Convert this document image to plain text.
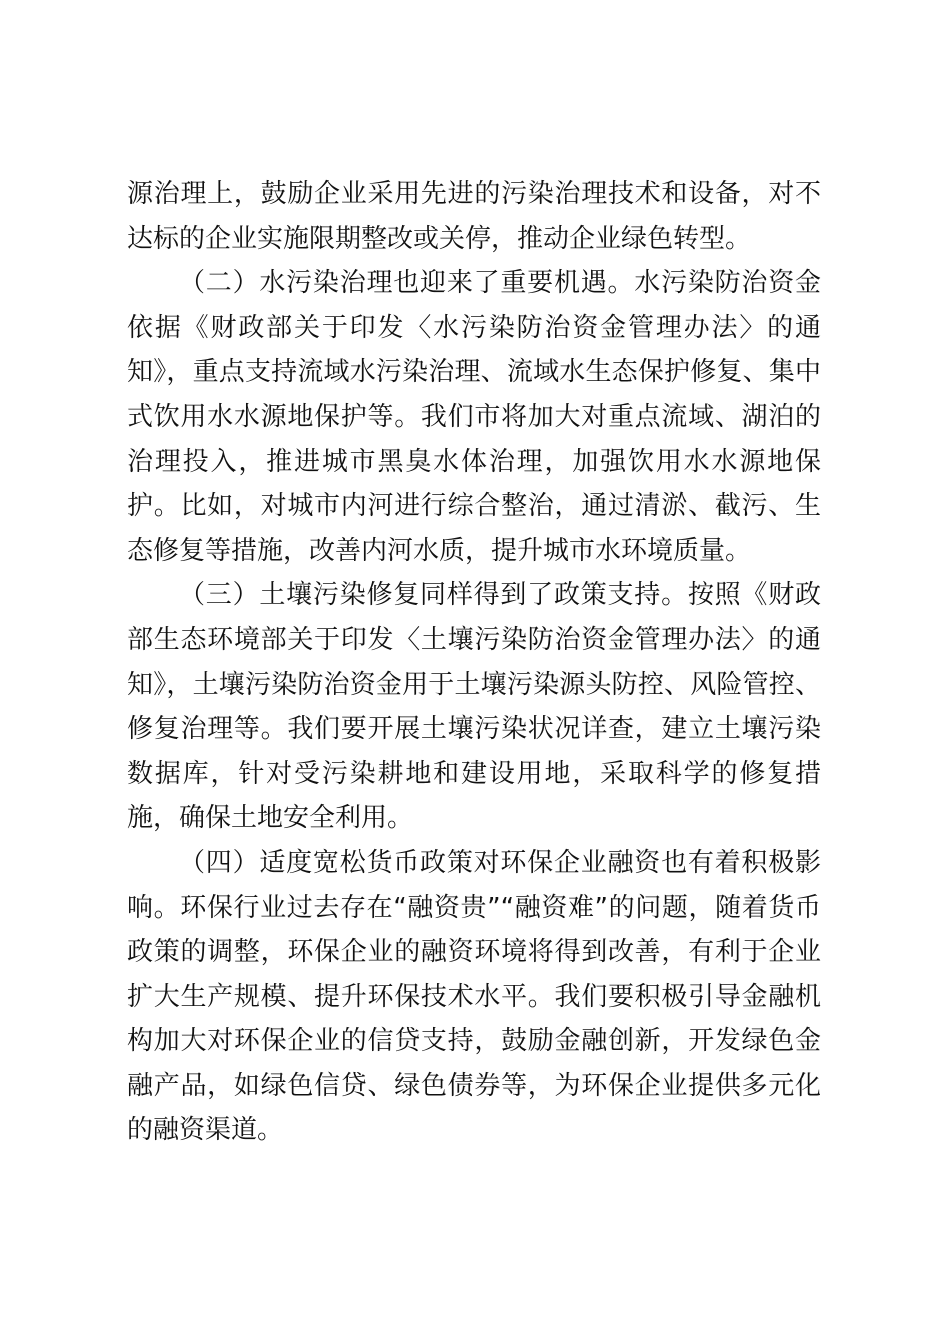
源治理上，鼓励企业采用先进的污染治理技术和设备，对不达标的企业实施限期整改或关停，推动企业绿色转型。

（二）水污染治理也迎来了重要机遇。水污染防治资金依据《财政部关于印发〈水污染防治资金管理办法〉的通知》，重点支持流域水污染治理、流域水生态保护修复、集中式饮用水水源地保护等。我们市将加大对重点流域、湖泊的治理投入，推进城市黑臭水体治理，加强饮用水水源地保护。比如，对城市内河进行综合整治，通过清淤、截污、生态修复等措施，改善内河水质，提升城市水环境质量。

（三）土壤污染修复同样得到了政策支持。按照《财政部生态环境部关于印发〈土壤污染防治资金管理办法〉的通知》，土壤污染防治资金用于土壤污染源头防控、风险管控、修复治理等。我们要开展土壤污染状况详查，建立土壤污染数据库，针对受污染耕地和建设用地，采取科学的修复措施，确保土地安全利用。

（四）适度宽松货币政策对环保企业融资也有着积极影响。环保行业过去存在“融资贵”“融资难”的问题，随着货币政策的调整，环保企业的融资环境将得到改善，有利于企业扩大生产规模、提升环保技术水平。我们要积极引导金融机构加大对环保企业的信贷支持，鼓励金融创新，开发绿色金融产品，如绿色信贷、绿色债券等，为环保企业提供多元化的融资渠道。
